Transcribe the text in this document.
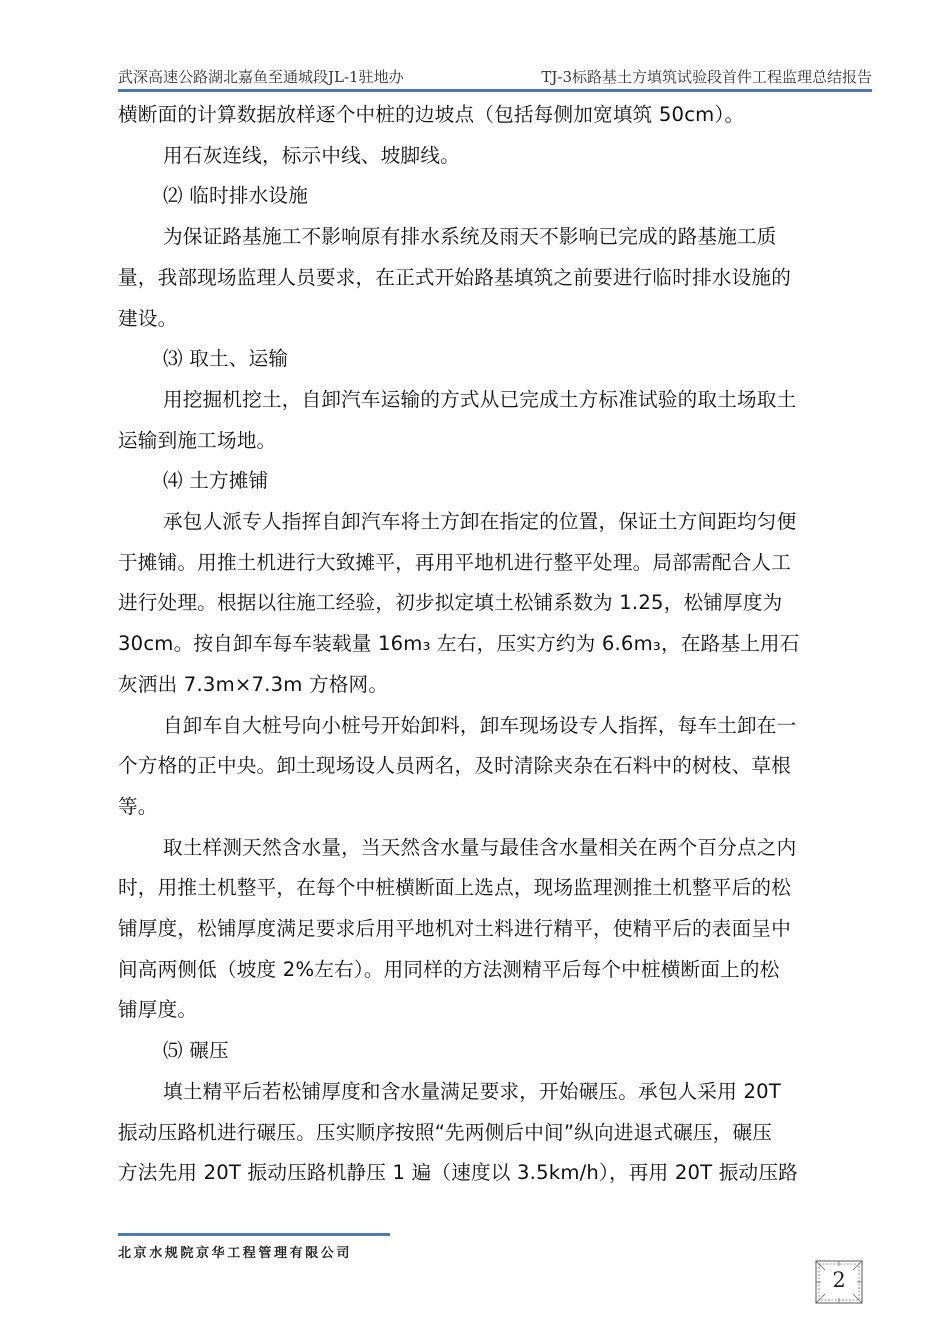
武深高速公路湖北嘉鱼至通城段JL-1驻地办	TJ-3标路基土方填筑试验段首件工程监理总结报告

横断面的计算数据放样逐个中桩的边坡点（包括每侧加宽填筑 50cm）。

用石灰连线，标示中线、坡脚线。

⑵ 临时排水设施

为保证路基施工不影响原有排水系统及雨天不影响已完成的路基施工质

量，我部现场监理人员要求，在正式开始路基填筑之前要进行临时排水设施的

建设。

⑶ 取土、运输

用挖掘机挖土，自卸汽车运输的方式从已完成土方标准试验的取土场取土

运输到施工场地。

⑷ 土方摊铺

承包人派专人指挥自卸汽车将土方卸在指定的位置，保证土方间距均匀便

于摊铺。用推土机进行大致摊平，再用平地机进行整平处理。局部需配合人工

进行处理。根据以往施工经验，初步拟定填土松铺系数为 1.25，松铺厚度为

30cm。按自卸车每车装载量 16m₃ 左右，压实方约为 6.6m₃，在路基上用石

灰洒出 7.3m×7.3m 方格网。

自卸车自大桩号向小桩号开始卸料，卸车现场设专人指挥，每车土卸在一

个方格的正中央。卸土现场设人员两名，及时清除夹杂在石料中的树枝、草根

等。

取土样测天然含水量，当天然含水量与最佳含水量相关在两个百分点之内

时，用推土机整平，在每个中桩横断面上选点，现场监理测推土机整平后的松

铺厚度，松铺厚度满足要求后用平地机对土料进行精平，使精平后的表面呈中

间高两侧低（坡度 2%左右）。用同样的方法测精平后每个中桩横断面上的松

铺厚度。

⑸ 碾压

填土精平后若松铺厚度和含水量满足要求，开始碾压。承包人采用 20T

振动压路机进行碾压。压实顺序按照“先两侧后中间”纵向进退式碾压，碾压

方法先用 20T 振动压路机静压 1 遍（速度以 3.5km/h），再用 20T 振动压路

北京水规院京华工程管理有限公司
2
